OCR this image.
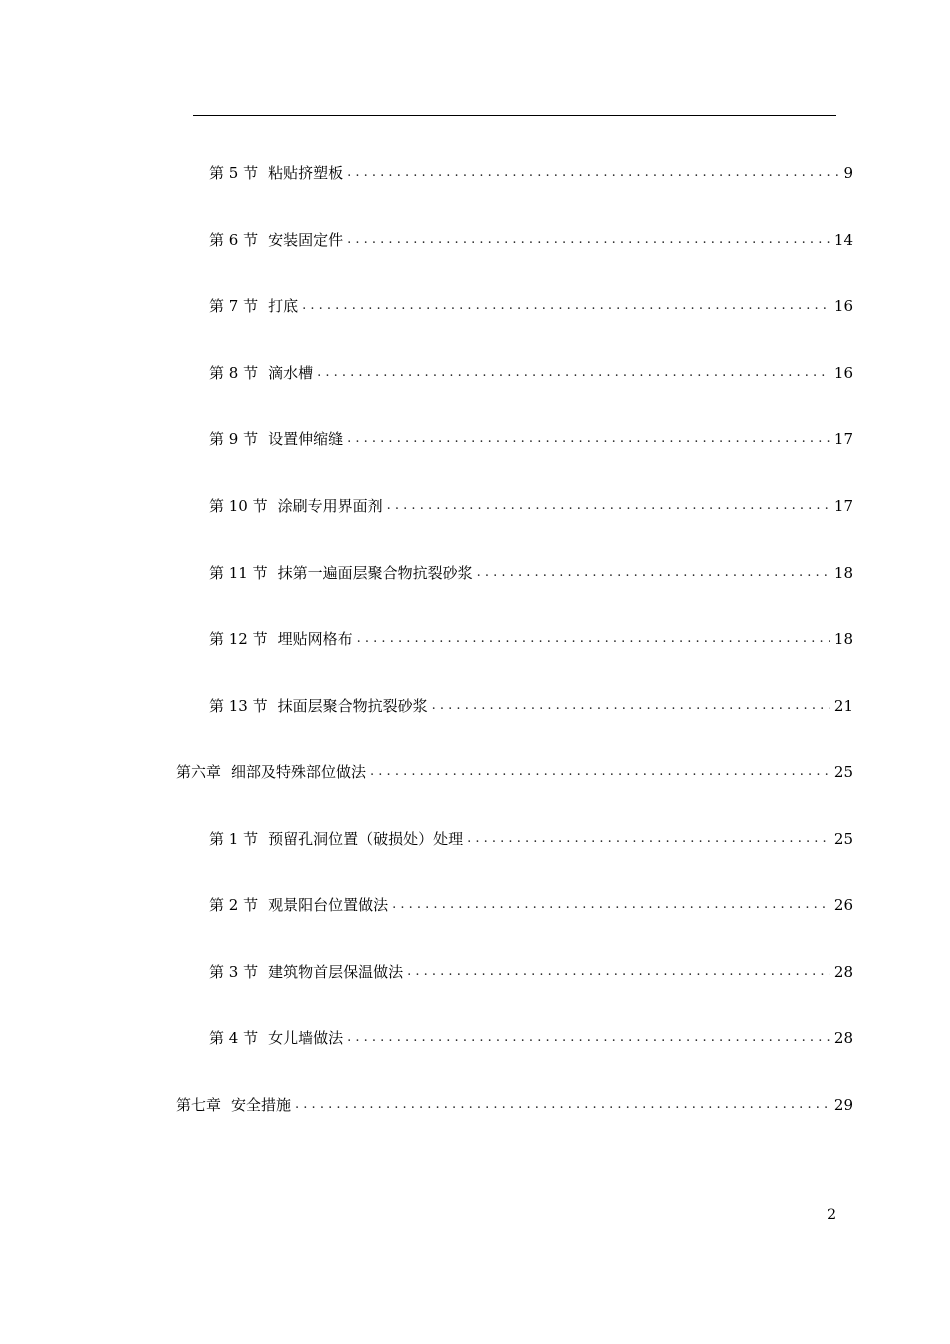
第 5 节 粘贴挤塑板 . . .	9
第 6 节 安装固定件 . . .	14
第 7 节 打底 . . .	16
第 8 节 滴水槽 . . .	16
第 9 节 设置伸缩缝 . . .	17
第 10 节 涂刷专用界面剂 . . .	17
第 11 节 抹第一遍面层聚合物抗裂砂浆 . . .	18
第 12 节 埋贴网格布 . . .	18
第 13 节 抹面层聚合物抗裂砂浆 . . .	21
第六章 细部及特殊部位做法 . . .	25
第 1 节 预留孔洞位置（破损处）处理 . . .	25
第 2 节 观景阳台位置做法 . . .	26
第 3 节 建筑物首层保温做法 . . .	28
第 4 节 女儿墙做法 . . .	28
第七章 安全措施 . . .	29
2
